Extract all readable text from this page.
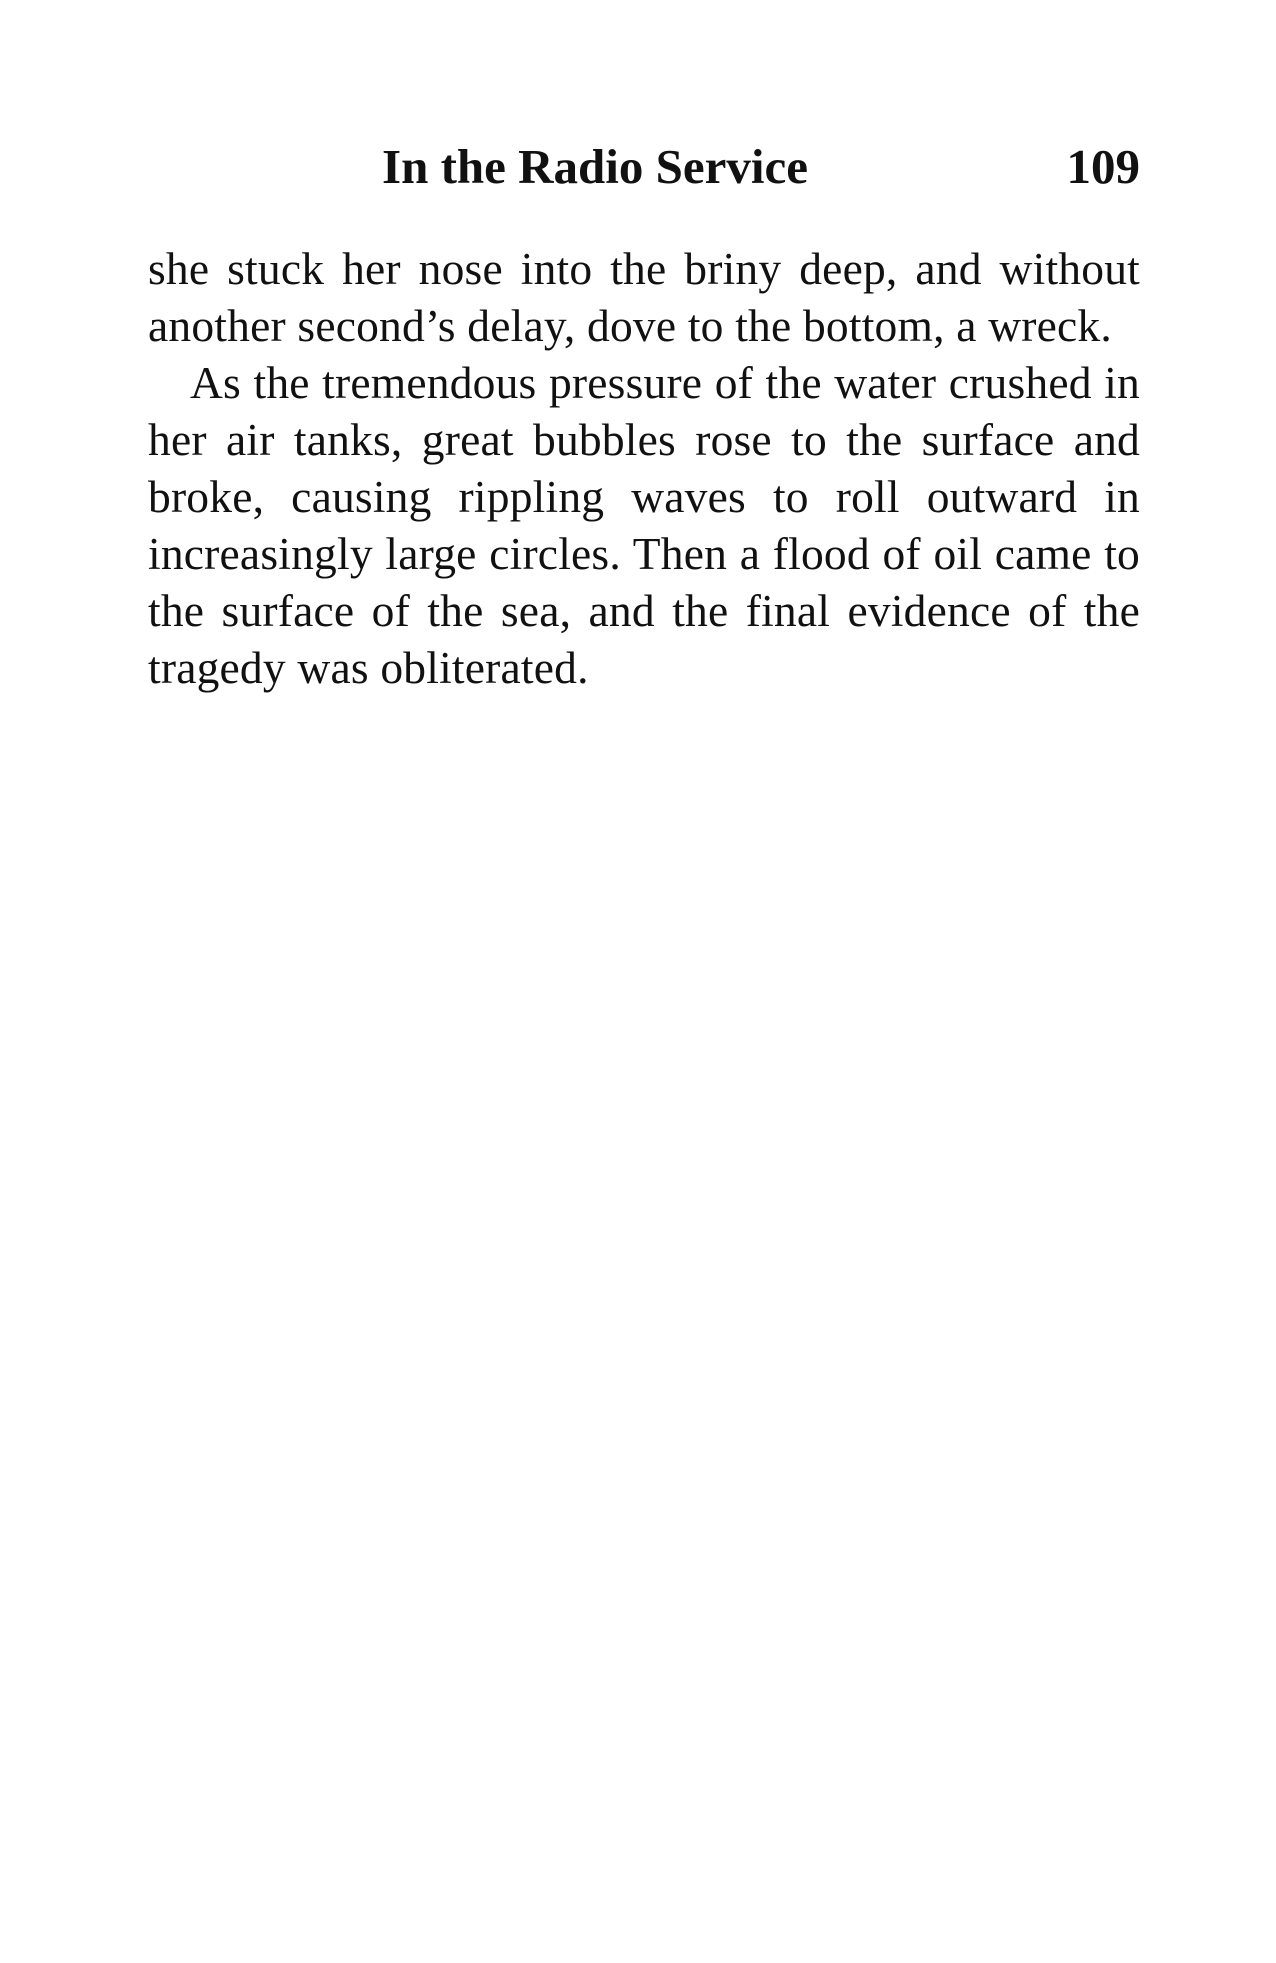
In the Radio Service	109

she stuck her nose into the briny deep, and without another second’s delay, dove to the bottom, a wreck.

As the tremendous pressure of the water crushed in her air tanks, great bubbles rose to the surface and broke, causing rippling waves to roll outward in increasingly large circles. Then a flood of oil came to the surface of the sea, and the final evidence of the tragedy was obliterated.
